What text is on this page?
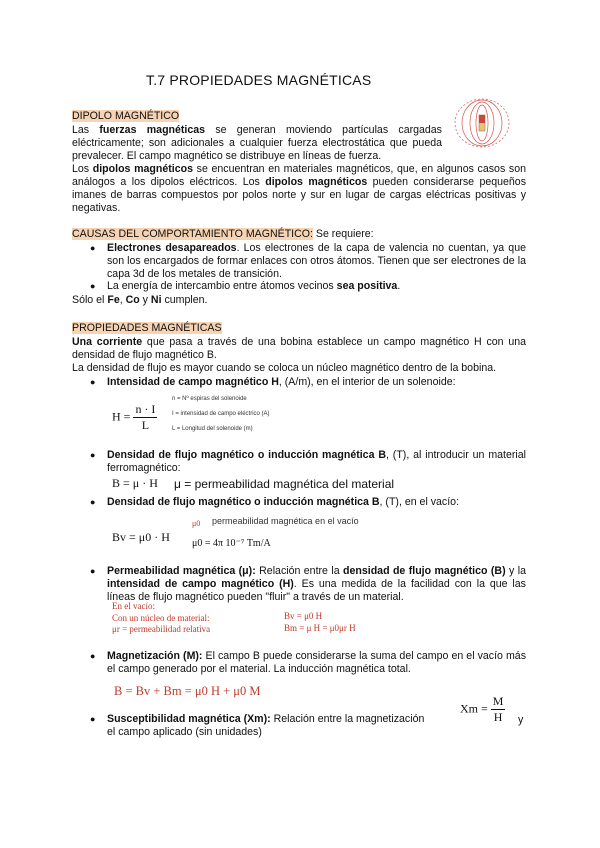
T.7 PROPIEDADES MAGNÉTICAS
DIPOLO MAGNÉTICO
Las fuerzas magnéticas se generan moviendo partículas cargadas eléctricamente; son adicionales a cualquier fuerza electrostática que pueda prevalecer. El campo magnético se distribuye en líneas de fuerza.
Los dipolos magnéticos se encuentran en materiales magnéticos, que, en algunos casos son análogos a los dipolos eléctricos. Los dipolos magnéticos pueden considerarse pequeños imanes de barras compuestos por polos norte y sur en lugar de cargas eléctricas positivas y negativas.
CAUSAS DEL COMPORTAMIENTO MAGNÉTICO: Se requiere:
● Electrones desapareados. Los electrones de la capa de valencia no cuentan, ya que son los encargados de formar enlaces con otros átomos. Tienen que ser electrones de la capa 3d de los metales de transición.
● La energía de intercambio entre átomos vecinos sea positiva.
Sólo el Fe, Co y Ni cumplen.
PROPIEDADES MAGNÉTICAS
Una corriente que pasa a través de una bobina establece un campo magnético H con una densidad de flujo magnético B.
La densidad de flujo es mayor cuando se coloca un núcleo magnético dentro de la bobina.
● Intensidad de campo magnético H, (A/m), en el interior de un solenoide:
$H = \frac{n \cdot I}{L}$
n = Nº espiras del solenoide
I = intensidad de campo eléctrico (A)
L = Longitud del solenoide (m)
● Densidad de flujo magnético o inducción magnética B, (T), al introducir un material ferromagnético:
B = μ · H μ = permeabilidad magnética del material
● Densidad de flujo magnético o inducción magnética B, (T), en el vacío:
Bv = μ0 · H
μ0 permeabilidad magnética en el vacío
μ0 = 4π 10⁻⁷ Tm/A
● Permeabilidad magnética (μ): Relación entre la densidad de flujo magnético (B) y la intensidad de campo magnético (H). Es una medida de la facilidad con la que las líneas de flujo magnético pueden "fluir" a través de un material.
En el vacío:
Con un núcleo de material:
μr = permeabilidad relativa
Bv = μ0 H
Bm = μ H = μ0μr H
● Magnetización (M): El campo B puede considerarse la suma del campo en el vacío más el campo generado por el material. La inducción magnética total.
B = Bv + Bm = μ0 H + μ0 M
● Susceptibilidad magnética (Xm): Relación entre la magnetización
el campo aplicado (sin unidades)
$Xm = \frac{M}{H}$ y
